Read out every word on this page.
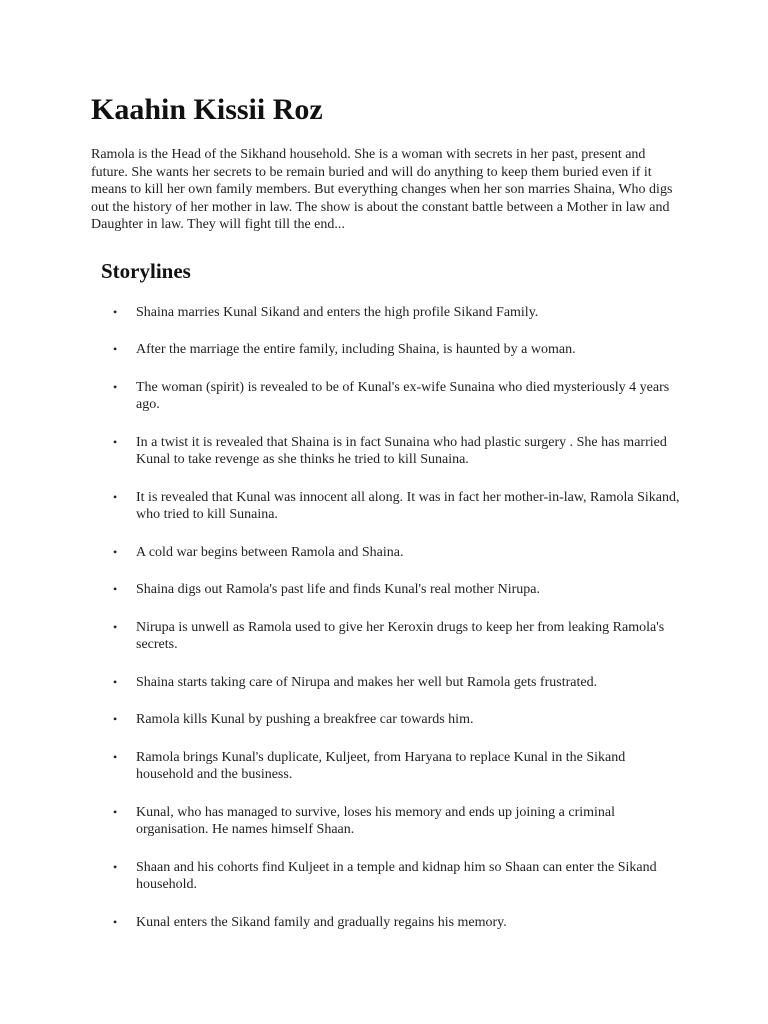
Kaahin Kissii Roz

Ramola is the Head of the Sikhand household. She is a woman with secrets in her past, present and future. She wants her secrets to be remain buried and will do anything to keep them buried even if it means to kill her own family members. But everything changes when her son marries Shaina, Who digs out the history of her mother in law. The show is about the constant battle between a Mother in law and Daughter in law. They will fight till the end...

Storylines
• Shaina marries Kunal Sikand and enters the high profile Sikand Family.
• After the marriage the entire family, including Shaina, is haunted by a woman.
• The woman (spirit) is revealed to be of Kunal's ex-wife Sunaina who died mysteriously 4 years ago.
• In a twist it is revealed that Shaina is in fact Sunaina who had plastic surgery . She has married Kunal to take revenge as she thinks he tried to kill Sunaina.
• It is revealed that Kunal was innocent all along. It was in fact her mother-in-law, Ramola Sikand, who tried to kill Sunaina.
• A cold war begins between Ramola and Shaina.
• Shaina digs out Ramola's past life and finds Kunal's real mother Nirupa.
• Nirupa is unwell as Ramola used to give her Keroxin drugs to keep her from leaking Ramola's secrets.
• Shaina starts taking care of Nirupa and makes her well but Ramola gets frustrated.
• Ramola kills Kunal by pushing a breakfree car towards him.
• Ramola brings Kunal's duplicate, Kuljeet, from Haryana to replace Kunal in the Sikand household and the business.
• Kunal, who has managed to survive, loses his memory and ends up joining a criminal organisation. He names himself Shaan.
• Shaan and his cohorts find Kuljeet in a temple and kidnap him so Shaan can enter the Sikand household.
• Kunal enters the Sikand family and gradually regains his memory.
